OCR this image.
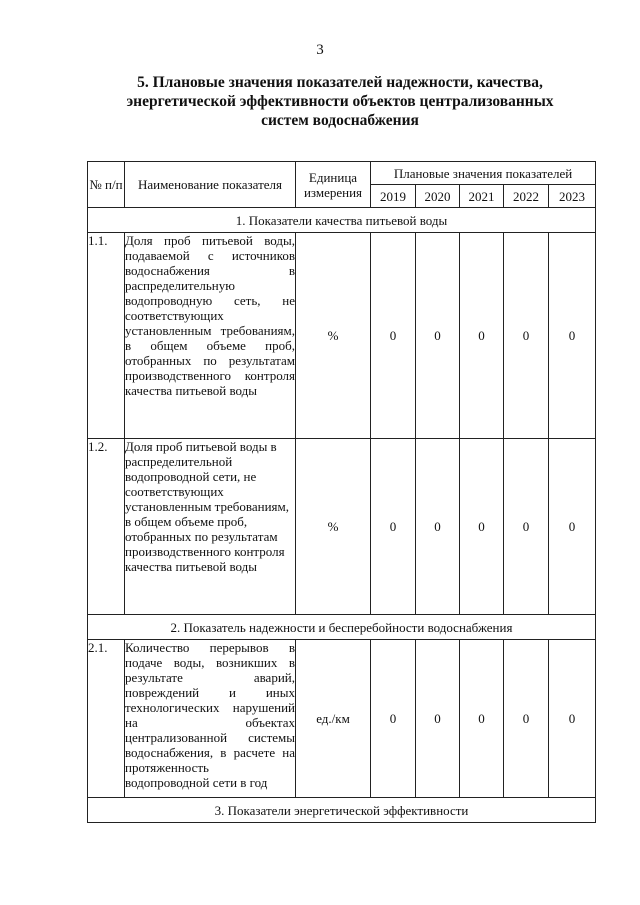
3
5. Плановые значения показателей надежности, качества,
энергетической эффективности объектов централизованных
систем водоснабжения
№ п/п	Наименование показателя	Единица измерения	Плановые значения показателей				
			2019	2020	2021	2022	2023
1. Показатели качества питьевой воды							
1.1.	Доля проб питьевой воды, подаваемой с источников водоснабжения в распределительную водопроводную сеть, не соответствующих установленным требованиям, в общем объеме проб, отобранных по результатам производственного контроля качества питьевой воды	%	0	0	0	0	0
1.2.	Доля проб питьевой воды в распределительной водопроводной сети, не соответствующих установленным требованиям, в общем объеме проб, отобранных по результатам производственного контроля качества питьевой воды	%	0	0	0	0	0
2. Показатель надежности и бесперебойности водоснабжения							
2.1.	Количество перерывов в подаче воды, возникших в результате аварий, повреждений и иных технологических нарушений на объектах централизованной системы водоснабжения, в расчете на протяженность водопроводной сети в год	ед./км	0	0	0	0	0
3. Показатели энергетической эффективности							
